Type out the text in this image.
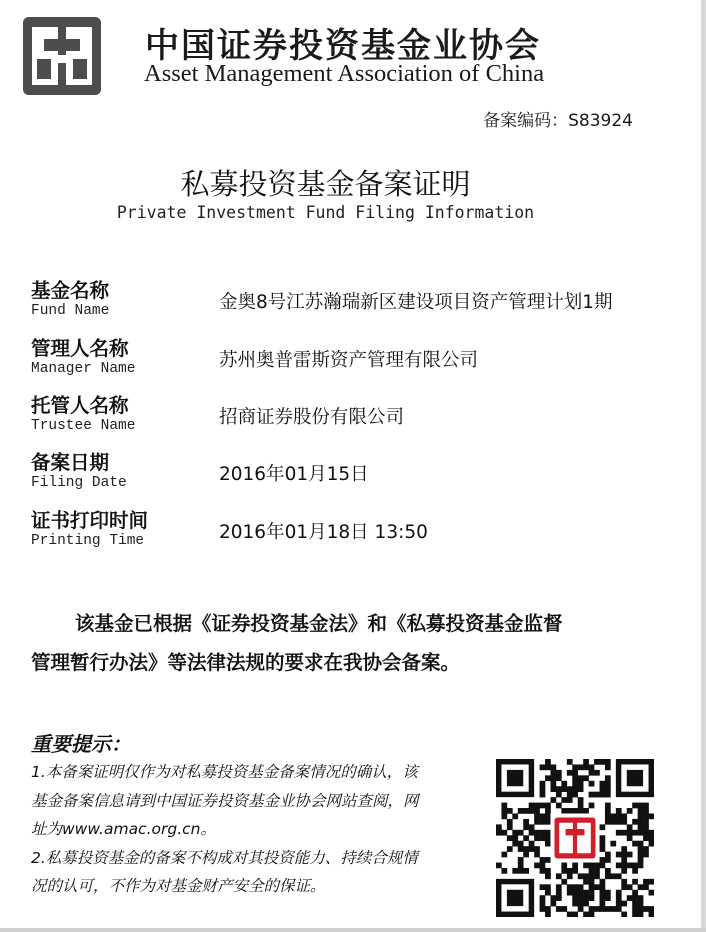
中国证券投资基金业协会
Asset Management Association of China
备案编码：S83924
私募投资基金备案证明
Private Investment Fund Filing Information
基金名称
Fund Name	金奥8号江苏瀚瑞新区建设项目资产管理计划1期
管理人名称
Manager Name	苏州奥普雷斯资产管理有限公司
托管人名称
Trustee Name	招商证券股份有限公司
备案日期
Filing Date	2016年01月15日
证书打印时间
Printing Time	2016年01月18日 13:50
该基金已根据《证券投资基金法》和《私募投资基金监督
管理暂行办法》等法律法规的要求在我协会备案。
重要提示：
1.本备案证明仅作为对私募投资基金备案情况的确认，该
基金备案信息请到中国证券投资基金业协会网站查阅，网
址为www.amac.org.cn。
2.私募投资基金的备案不构成对其投资能力、持续合规情
况的认可，不作为对基金财产安全的保证。
